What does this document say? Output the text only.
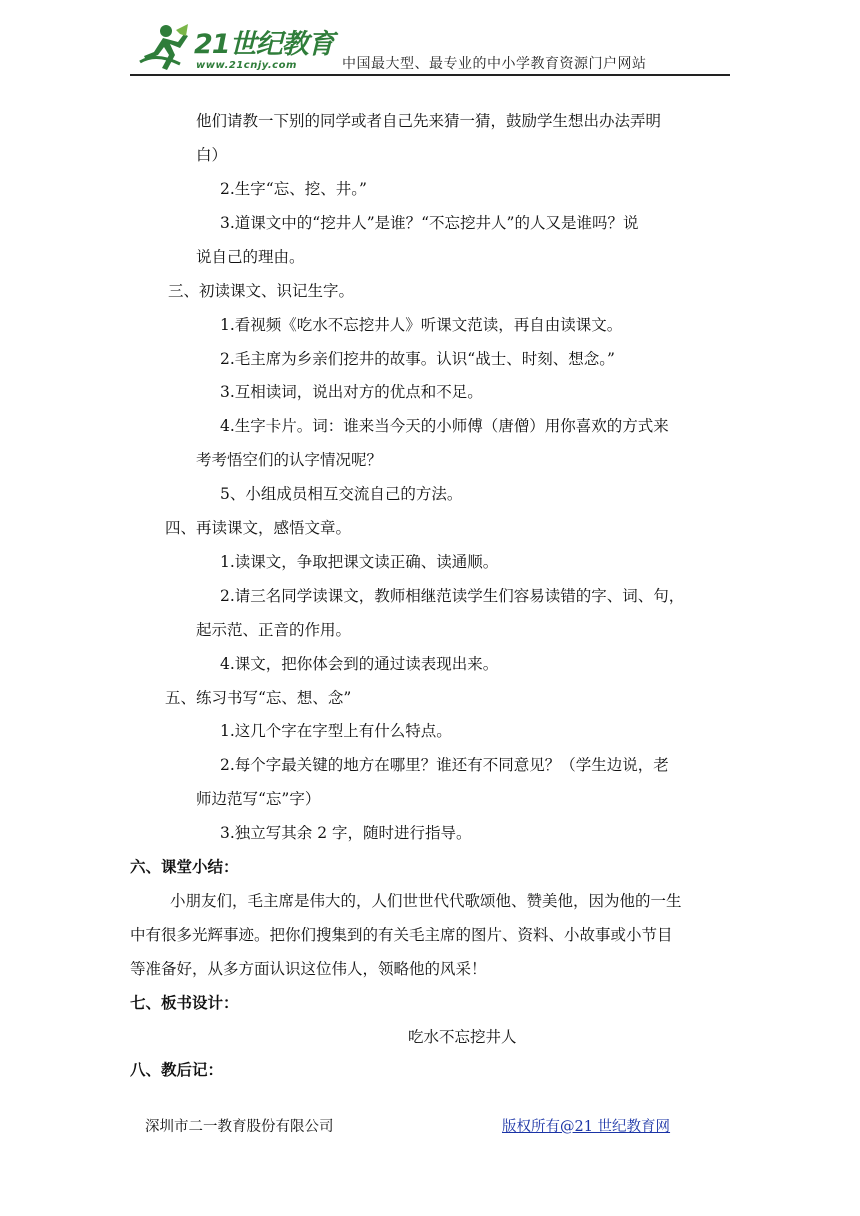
21世纪教育
www.21cnjy.com	中国最大型、最专业的中小学教育资源门户网站
他们请教一下别的同学或者自己先来猜一猜，鼓励学生想出办法弄明
白）
2.生字“忘、挖、井。”
3.道课文中的“挖井人”是谁？“不忘挖井人”的人又是谁吗？说
说自己的理由。
三、初读课文、识记生字。
1.看视频《吃水不忘挖井人》听课文范读，再自由读课文。
2.毛主席为乡亲们挖井的故事。认识“战士、时刻、想念。”
3.互相读词，说出对方的优点和不足。
4.生字卡片。词：谁来当今天的小师傅（唐僧）用你喜欢的方式来
考考悟空们的认字情况呢？
5、小组成员相互交流自己的方法。
四、再读课文，感悟文章。
1.读课文，争取把课文读正确、读通顺。
2.请三名同学读课文，教师相继范读学生们容易读错的字、词、句，
起示范、正音的作用。
4.课文，把你体会到的通过读表现出来。
五、练习书写“忘、想、念”
1.这几个字在字型上有什么特点。
2.每个字最关键的地方在哪里？谁还有不同意见？（学生边说，老
师边范写“忘”字）
3.独立写其余 2 字，随时进行指导。
六、课堂小结：
小朋友们，毛主席是伟大的，人们世世代代歌颂他、赞美他，因为他的一生
中有很多光辉事迹。把你们搜集到的有关毛主席的图片、资料、小故事或小节目
等准备好，从多方面认识这位伟人，领略他的风采！
七、板书设计：
吃水不忘挖井人
八、教后记：
深圳市二一教育股份有限公司	版权所有@21 世纪教育网
